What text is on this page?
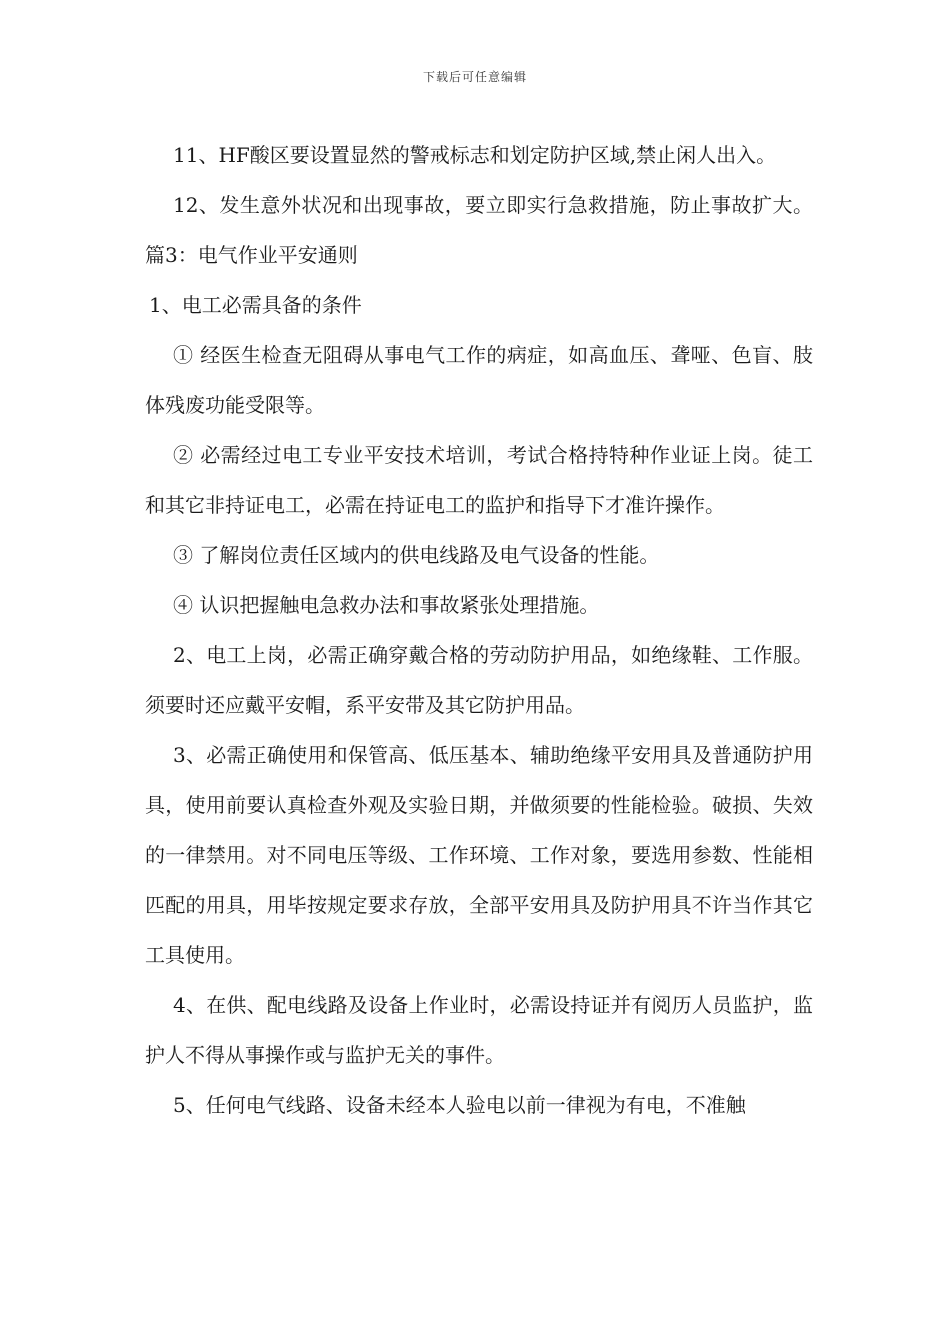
下载后可任意编辑

11、HF酸区要设置显然的警戒标志和划定防护区域,禁止闲人出入。

12、发生意外状况和出现事故，要立即实行急救措施，防止事故扩大。篇3：电气作业平安通则

1、电工必需具备的条件

① 经医生检查无阻碍从事电气工作的病症，如高血压、聋哑、色盲、肢体残废功能受限等。

② 必需经过电工专业平安技术培训，考试合格持特种作业证上岗。徒工和其它非持证电工，必需在持证电工的监护和指导下才准许操作。

③ 了解岗位责任区域内的供电线路及电气设备的性能。

④ 认识把握触电急救办法和事故紧张处理措施。

2、电工上岗，必需正确穿戴合格的劳动防护用品，如绝缘鞋、工作服。须要时还应戴平安帽，系平安带及其它防护用品。

3、必需正确使用和保管高、低压基本、辅助绝缘平安用具及普通防护用具，使用前要认真检查外观及实验日期，并做须要的性能检验。破损、失效的一律禁用。对不同电压等级、工作环境、工作对象，要选用参数、性能相匹配的用具，用毕按规定要求存放，全部平安用具及防护用具不许当作其它工具使用。

4、在供、配电线路及设备上作业时，必需设持证并有阅历人员监护，监护人不得从事操作或与监护无关的事件。

5、任何电气线路、设备未经本人验电以前一律视为有电，不准触
